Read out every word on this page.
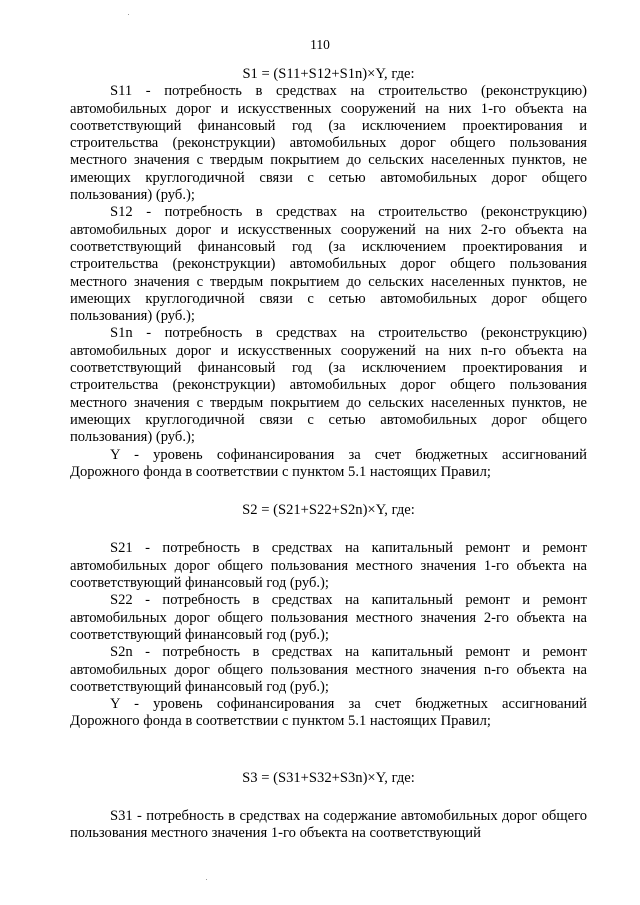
110

S1 = (S11+S12+S1n)×Y, где:

S11 - потребность в средствах на строительство (реконструкцию) автомобильных дорог и искусственных сооружений на них 1-го объекта на соответствующий финансовый год (за исключением проектирования и строительства (реконструкции) автомобильных дорог общего пользования местного значения с твердым покрытием до сельских населенных пунктов, не имеющих круглогодичной связи с сетью автомобильных дорог общего пользования) (руб.);

S12 - потребность в средствах на строительство (реконструкцию) автомобильных дорог и искусственных сооружений на них 2-го объекта на соответствующий финансовый год (за исключением проектирования и строительства (реконструкции) автомобильных дорог общего пользования местного значения с твердым покрытием до сельских населенных пунктов, не имеющих круглогодичной связи с сетью автомобильных дорог общего пользования) (руб.);

S1n - потребность в средствах на строительство (реконструкцию) автомобильных дорог и искусственных сооружений на них n-го объекта на соответствующий финансовый год (за исключением проектирования и строительства (реконструкции) автомобильных дорог общего пользования местного значения с твердым покрытием до сельских населенных пунктов, не имеющих круглогодичной связи с сетью автомобильных дорог общего пользования) (руб.);

Y - уровень софинансирования за счет бюджетных ассигнований Дорожного фонда в соответствии с пунктом 5.1 настоящих Правил;

S2 = (S21+S22+S2n)×Y, где:

S21 - потребность в средствах на капитальный ремонт и ремонт автомобильных дорог общего пользования местного значения 1-го объекта на соответствующий финансовый год (руб.);

S22 - потребность в средствах на капитальный ремонт и ремонт автомобильных дорог общего пользования местного значения 2-го объекта на соответствующий финансовый год (руб.);

S2n - потребность в средствах на капитальный ремонт и ремонт автомобильных дорог общего пользования местного значения n-го объекта на соответствующий финансовый год (руб.);

Y - уровень софинансирования за счет бюджетных ассигнований Дорожного фонда в соответствии с пунктом 5.1 настоящих Правил;

S3 = (S31+S32+S3n)×Y, где:

S31 - потребность в средствах на содержание автомобильных дорог общего пользования местного значения 1-го объекта на соответствующий
